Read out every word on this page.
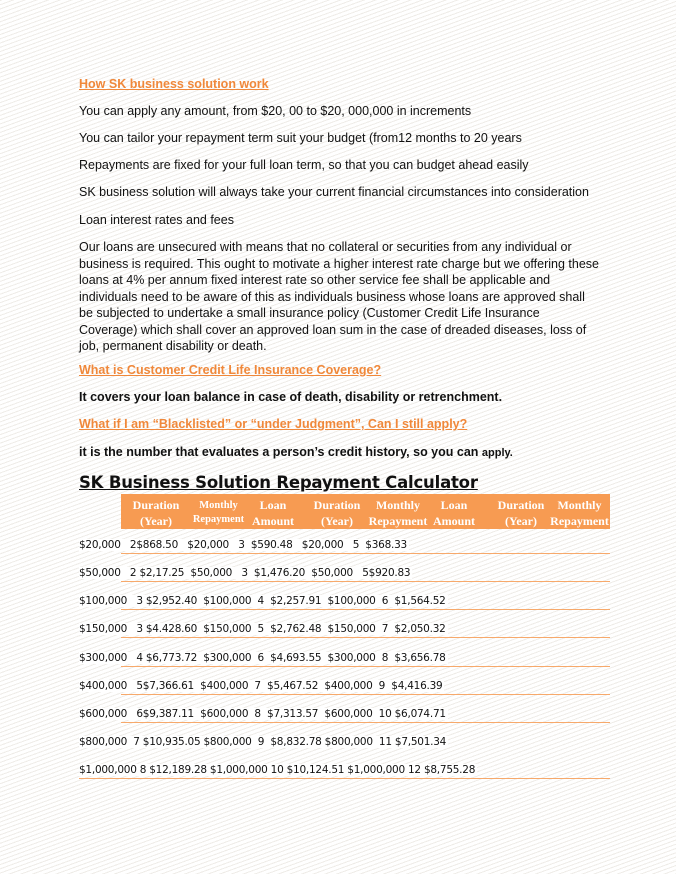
How SK business solution work
You can apply any amount, from $20, 00 to $20, 000,000 in increments
You can tailor your repayment term suit your budget (from12 months to 20 years
Repayments are fixed for your full loan term, so that you can budget ahead easily
SK business solution will always take your current financial circumstances into consideration
Loan interest rates and fees
Our loans are unsecured with means that no collateral or securities from any individual or business is required. This ought to motivate a higher interest rate charge but we offering these loans at 4% per annum fixed interest rate so other service fee shall be applicable and individuals need to be aware of this as individuals business whose loans are approved shall be subjected to undertake a small insurance policy (Customer Credit Life Insurance Coverage) which shall cover an approved loan sum in the case of dreaded diseases, loss of job, permanent disability or death.
What is Customer Credit Life Insurance Coverage?
It covers your loan balance in case of death, disability or retrenchment.
What if I am “Blacklisted” or “under Judgment”, Can I still apply?
it is the number that evaluates a person’s credit history, so you can apply.
SK Business Solution Repayment Calculator
Duration
(Year)
Monthly
Repayment
Loan
Amount
Duration
(Year)
Monthly
Repayment
Loan
Amount
Duration
(Year)
Monthly
Repayment
$20,000   2$868.50   $20,000   3  $590.48   $20,000   5  $368.33
$50,000   2 $2,17.25  $50,000   3  $1,476.20  $50,000   5$920.83
$100,000   3 $2,952.40  $100,000  4  $2,257.91  $100,000  6  $1,564.52
$150,000   3 $4.428.60  $150,000  5  $2,762.48  $150,000  7  $2,050.32
$300,000   4 $6,773.72  $300,000  6  $4,693.55  $300,000  8  $3,656.78
$400,000   5$7,366.61  $400,000  7  $5,467.52  $400,000  9  $4,416.39
$600,000   6$9,387.11  $600,000  8  $7,313.57  $600,000  10 $6,074.71
$800,000  7 $10,935.05 $800,000  9  $8,832.78 $800,000  11 $7,501.34
$1,000,000 8 $12,189.28 $1,000,000 10 $10,124.51 $1,000,000 12 $8,755.28
